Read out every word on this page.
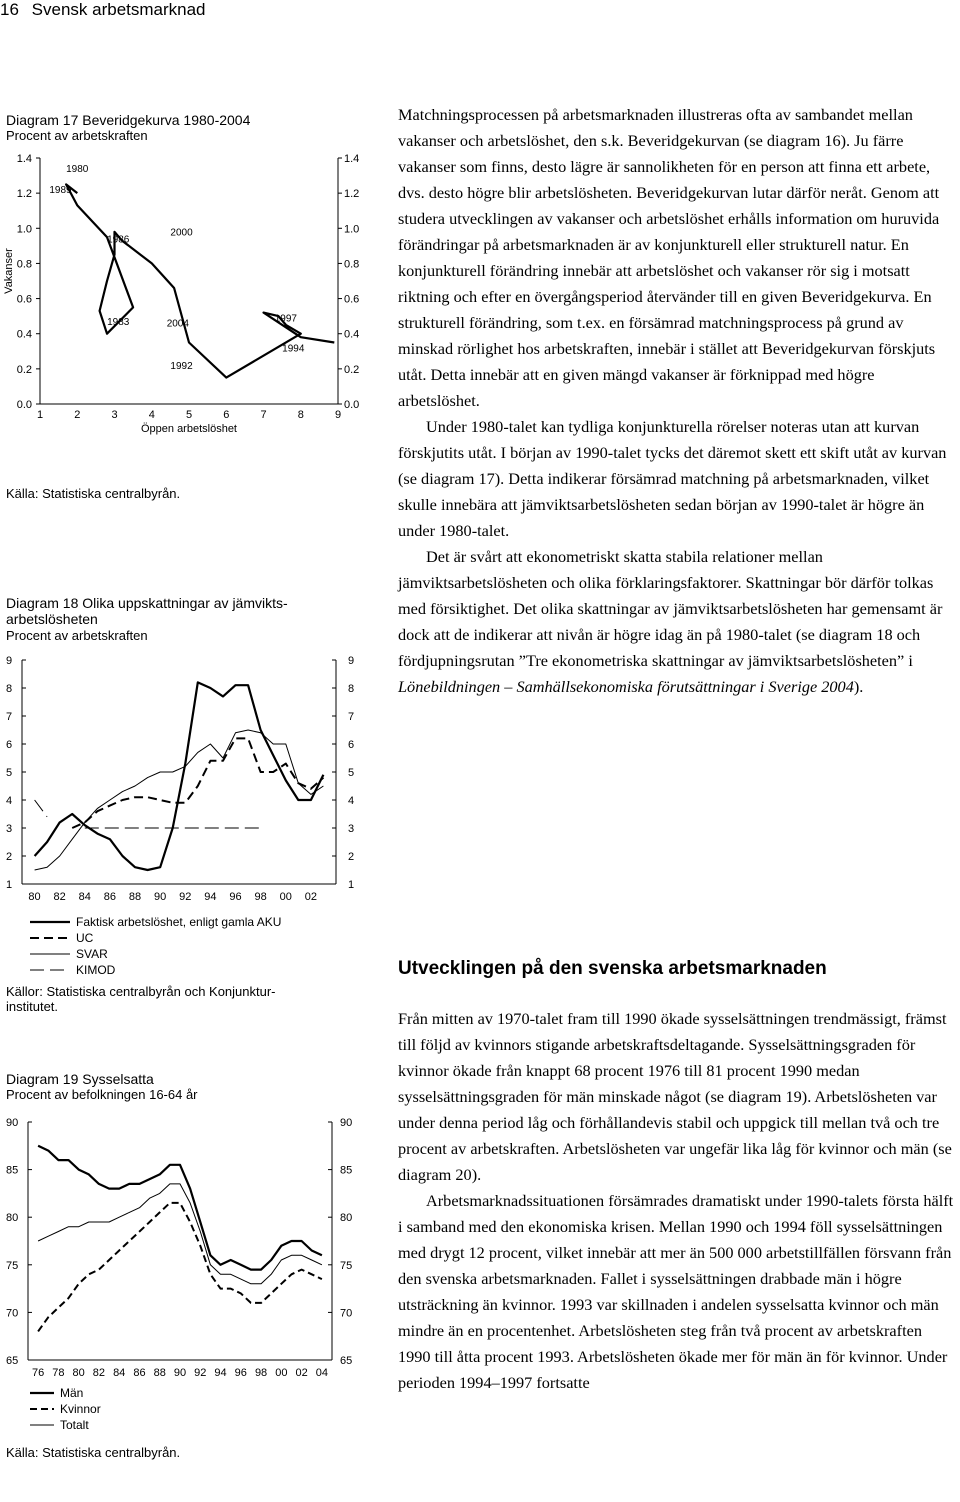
16 Svensk arbetsmarknad
Diagram 17 Beveridgekurva 1980-2004
Procent av arbetskraften
0.0	0.0
0.2	0.2
0.4	0.4
0.6	0.6
0.8	0.8
1.0	1.0
1.2	1.2
1.4	1.4
1	2	3	4	5	6	7	8	9
Öppen arbetslöshet
Vakanser
1980
1989
1986
2000
1983	2004	1997
1994
1992
Källa: Statistiska centralbyrån.
Diagram 18 Olika uppskattningar av jämvikts-
arbetslösheten
Procent av arbetskraften
1	1
2	2
3	3
4	4
5	5
6	6
7	7
8	8
9	9
80 82 84 86 88 90 92 94 96 98 00 02
Faktisk arbetslöshet, enligt gamla AKU
UC
SVAR
KIMOD
Källor: Statistiska centralbyrån och Konjunktur-
institutet.
Diagram 19 Sysselsatta
Procent av befolkningen 16-64 år
65	65
70	70
75	75
80	80
85	85
90	90
76 78 80 82 84 86 88 90 92 94 96 98 00 02 04
Män
Kvinnor
Totalt
Källa: Statistiska centralbyrån.

Matchningsprocessen på arbetsmarknaden illustreras ofta av sambandet mellan vakanser och arbetslöshet, den s.k. Beveridgekurvan (se diagram 16). Ju färre vakanser som finns, desto lägre är sannolikheten för en person att finna ett arbete, dvs. desto högre blir arbetslösheten. Beveridgekurvan lutar därför neråt. Genom att studera utvecklingen av vakanser och arbetslöshet erhålls information om huruvida förändringar på arbetsmarknaden är av konjunkturell eller strukturell natur. En konjunkturell förändring innebär att arbetslöshet och vakanser rör sig i motsatt riktning och efter en övergångsperiod återvänder till en given Beveridgekurva. En strukturell förändring, som t.ex. en försämrad matchningsprocess på grund av minskad rörlighet hos arbetskraften, innebär i stället att Beveridgekurvan förskjuts utåt. Detta innebär att en given mängd vakanser är förknippad med högre arbetslöshet.

Under 1980-talet kan tydliga konjunkturella rörelser noteras utan att kurvan förskjutits utåt. I början av 1990-talet tycks det däremot skett ett skift utåt av kurvan (se diagram 17). Detta indikerar försämrad matchning på arbetsmarknaden, vilket skulle innebära att jämviktsarbetslösheten sedan början av 1990-talet är högre än under 1980-talet.

Det är svårt att ekonometriskt skatta stabila relationer mellan jämviktsarbetslösheten och olika förklaringsfaktorer. Skattningar bör därför tolkas med försiktighet. Det olika skattningar av jämviktsarbetslösheten har gemensamt är dock att de indikerar att nivån är högre idag än på 1980-talet (se diagram 18 och fördjupningsrutan ”Tre ekonometriska skattningar av jämviktsarbetslösheten” i Lönebildningen – Samhällsekonomiska förutsättningar i Sverige 2004).

Utvecklingen på den svenska arbetsmarknaden

Från mitten av 1970-talet fram till 1990 ökade sysselsättningen trendmässigt, främst till följd av kvinnors stigande arbetskraftsdeltagande. Sysselsättningsgraden för kvinnor ökade från knappt 68 procent 1976 till 81 procent 1990 medan sysselsättningsgraden för män minskade något (se diagram 19). Arbetslösheten var under denna period låg och förhållandevis stabil och uppgick till mellan två och tre procent av arbetskraften. Arbetslösheten var ungefär lika låg för kvinnor och män (se diagram 20).

Arbetsmarknadssituationen försämrades dramatiskt under 1990-talets första hälft i samband med den ekonomiska krisen. Mellan 1990 och 1994 föll sysselsättningen med drygt 12 procent, vilket innebär att mer än 500 000 arbetstillfällen försvann från den svenska arbetsmarknaden. Fallet i sysselsättningen drabbade män i högre utsträckning än kvinnor. 1993 var skillnaden i andelen sysselsatta kvinnor och män mindre än en procentenhet. Arbetslösheten steg från två procent av arbetskraften 1990 till åtta procent 1993. Arbetslösheten ökade mer för män än för kvinnor. Under perioden 1994–1997 fortsatte
